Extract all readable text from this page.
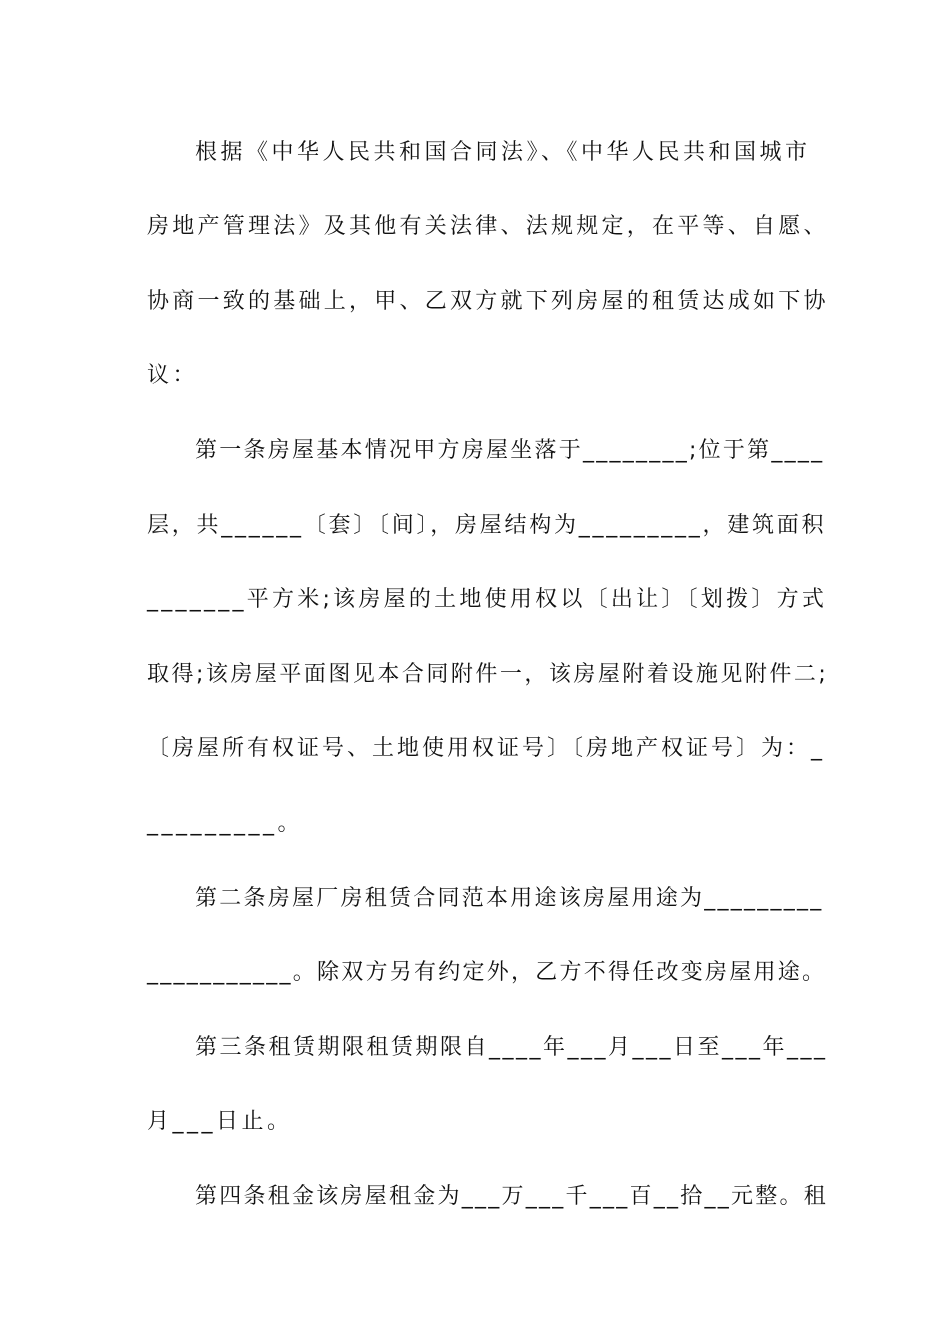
根据《中华人民共和国合同法》、《中华人民共和国城市
房地产管理法》及其他有关法律、法规规定，在平等、自愿、
协商一致的基础上，甲、乙双方就下列房屋的租赁达成如下协
议：
第一条房屋基本情况甲方房屋坐落于________;位于第____
层，共______〔套〕〔间〕，房屋结构为_________，建筑面积
_______平方米;该房屋的土地使用权以〔出让〕〔划拨〕方式
取得;该房屋平面图见本合同附件一，该房屋附着设施见附件二;
〔房屋所有权证号、土地使用权证号〕〔房地产权证号〕为：_
_________。
第二条房屋厂房租赁合同范本用途该房屋用途为_________
___________。除双方另有约定外，乙方不得任改变房屋用途。
第三条租赁期限租赁期限自____年___月___日至___年___
月___日止。
第四条租金该房屋租金为___万___千___百__拾__元整。租
